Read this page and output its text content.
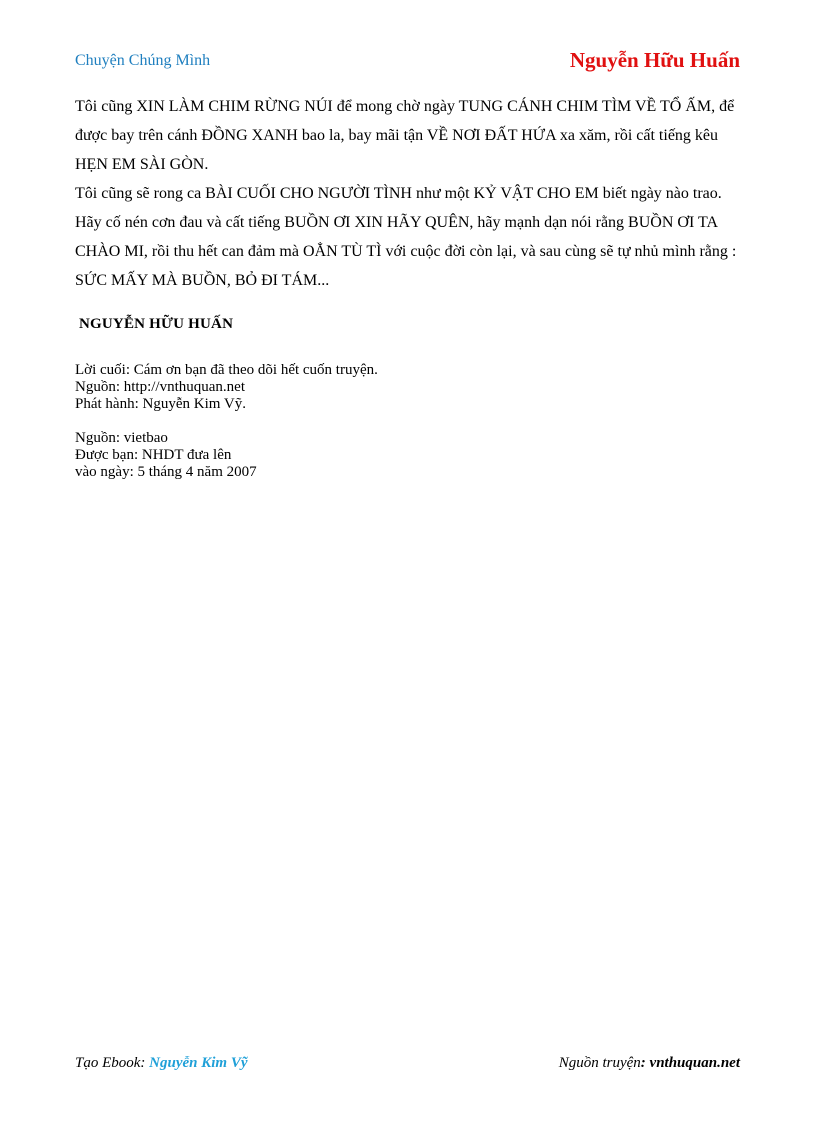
Chuyện Chúng Mình	Nguyễn Hữu Huấn

Tôi cũng XIN LÀM CHIM RỪNG NÚI để mong chờ ngày TUNG CÁNH CHIM TÌM VỀ TỔ ẤM, để được bay trên cánh ĐỒNG XANH bao la, bay mãi tận VỀ NƠI ĐẤT HỨA xa xăm, rồi cất tiếng kêu HẸN EM SÀI GÒN.

Tôi cũng sẽ rong ca BÀI CUỐI CHO NGƯỜI TÌNH như một KỶ VẬT CHO EM biết ngày nào trao. Hãy cố nén cơn đau và cất tiếng BUỒN ƠI XIN HÃY QUÊN, hãy mạnh dạn nói rằng BUỒN ƠI TA CHÀO MI, rồi thu hết can đảm mà OẲN TÙ TÌ với cuộc đời còn lại, và sau cùng sẽ tự nhủ mình rằng : SỨC MẤY MÀ BUỒN, BỎ ĐI TÁM...

NGUYỄN HỮU HUẤN
Lời cuối: Cám ơn bạn đã theo dõi hết cuốn truyện.
Nguồn: http://vnthuquan.net
Phát hành: Nguyễn Kim Vỹ.
Nguồn: vietbao
Được bạn: NHDT đưa lên
vào ngày: 5 tháng 4 năm 2007
Tạo Ebook: Nguyễn Kim Vỹ	Nguồn truyện: vnthuquan.net
